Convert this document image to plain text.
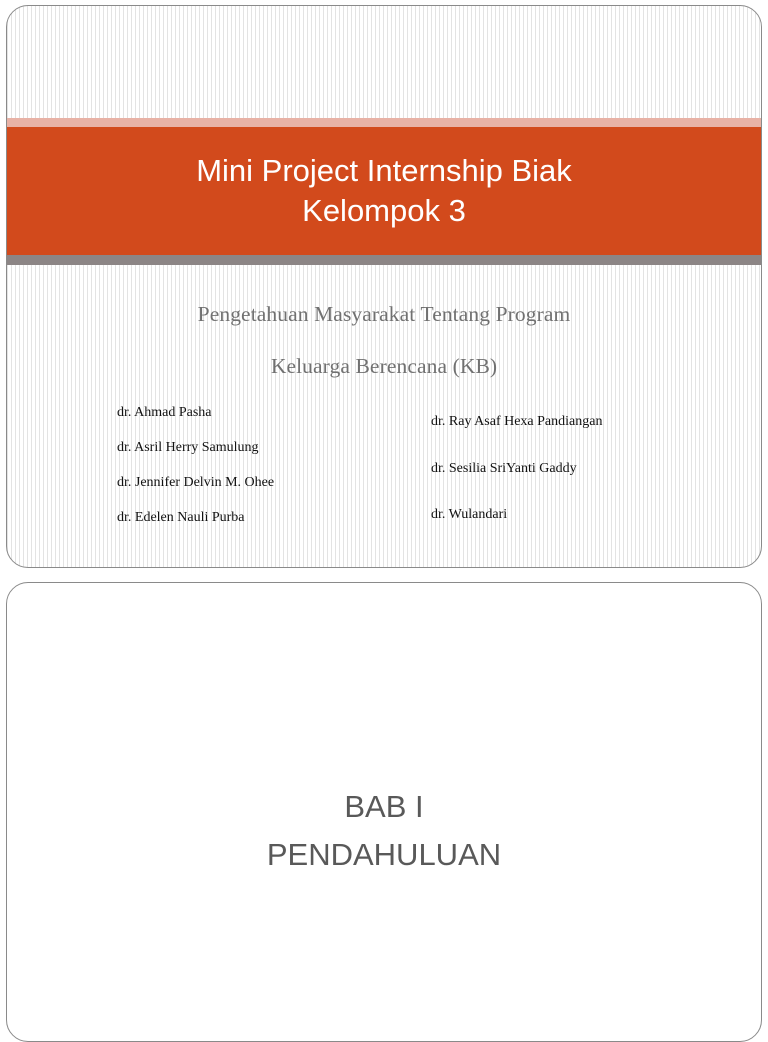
Mini Project Internship Biak
Kelompok 3
Pengetahuan Masyarakat Tentang Program
Keluarga Berencana (KB)
dr. Ahmad Pasha
dr. Asril Herry Samulung
dr. Jennifer Delvin M. Ohee
dr. Edelen Nauli Purba
dr. Ray Asaf Hexa Pandiangan
dr. Sesilia SriYanti Gaddy
dr. Wulandari
BAB I
PENDAHULUAN
